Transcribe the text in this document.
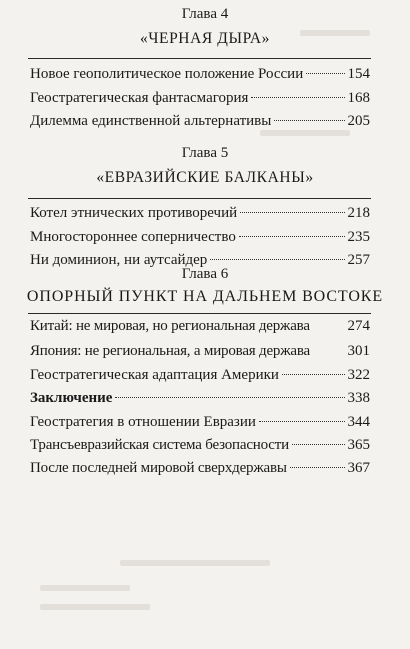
Глава 4
«ЧЕРНАЯ ДЫРА»
Новое геополитическое положение России	154
Геостратегическая фантасмагория	168
Дилемма единственной альтернативы	205
Глава 5
«ЕВРАЗИЙСКИЕ БАЛКАНЫ»
Котел этнических противоречий	218
Многостороннее соперничество	235
Ни доминион, ни аутсайдер	257
Глава 6
ОПОРНЫЙ ПУНКТ НА ДАЛЬНЕМ ВОСТОКЕ
Китай: не мировая, но региональная держава	274
Япония: не региональная, а мировая держава	301
Геостратегическая адаптация Америки	322
Заключение	338
Геостратегия в отношении Евразии	344
Трансъевразийская система безопасности	365
После последней мировой сверхдержавы	367
